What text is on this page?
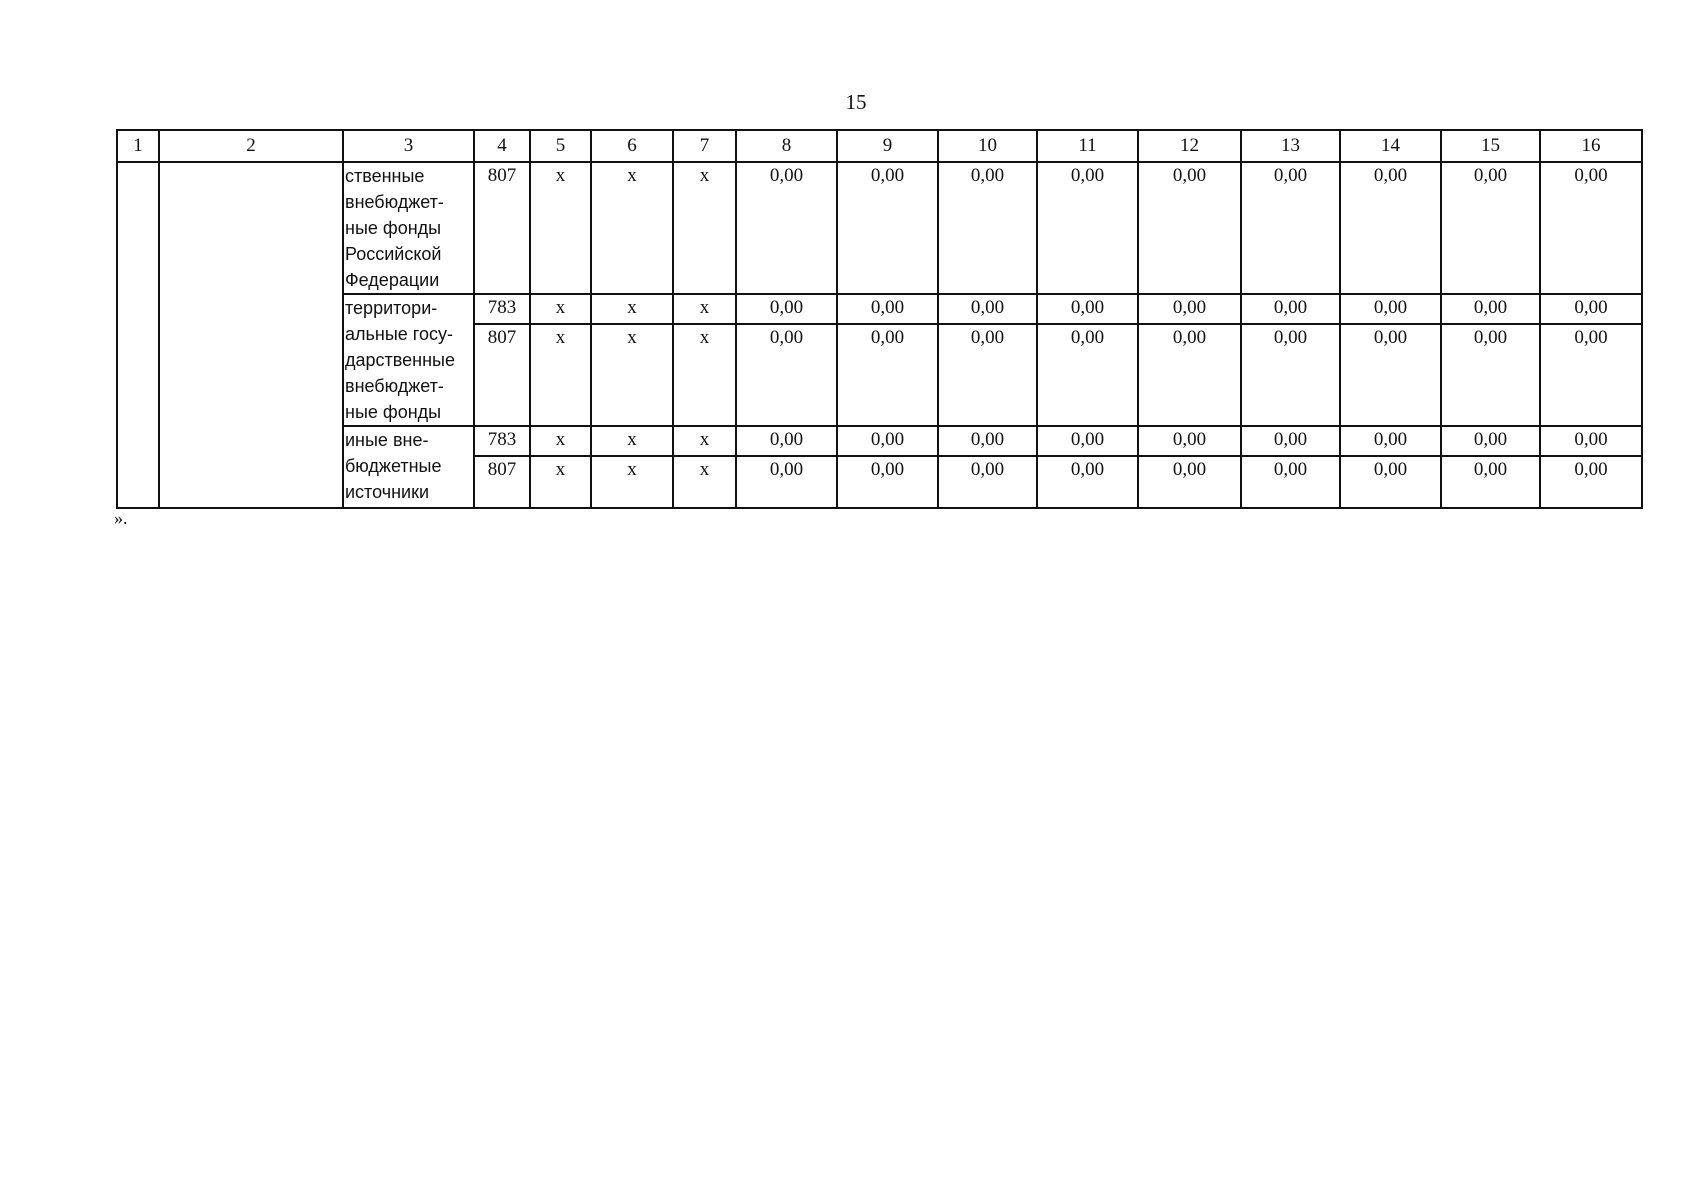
15
1	2	3	4	5	6	7	8	9	10	11	12	13	14	15	16
		ственные
внебюджет-
ные фонды
Российской
Федерации	807	x	x	x	0,00	0,00	0,00	0,00	0,00	0,00	0,00	0,00	0,00
		территори-
альные госу-
дарственные
внебюджет-
ные фонды	783	x	x	x	0,00	0,00	0,00	0,00	0,00	0,00	0,00	0,00	0,00
			807	x	x	x	0,00	0,00	0,00	0,00	0,00	0,00	0,00	0,00	0,00
		иные вне-
бюджетные
источники	783	x	x	x	0,00	0,00	0,00	0,00	0,00	0,00	0,00	0,00	0,00
			807	x	x	x	0,00	0,00	0,00	0,00	0,00	0,00	0,00	0,00	0,00
».
